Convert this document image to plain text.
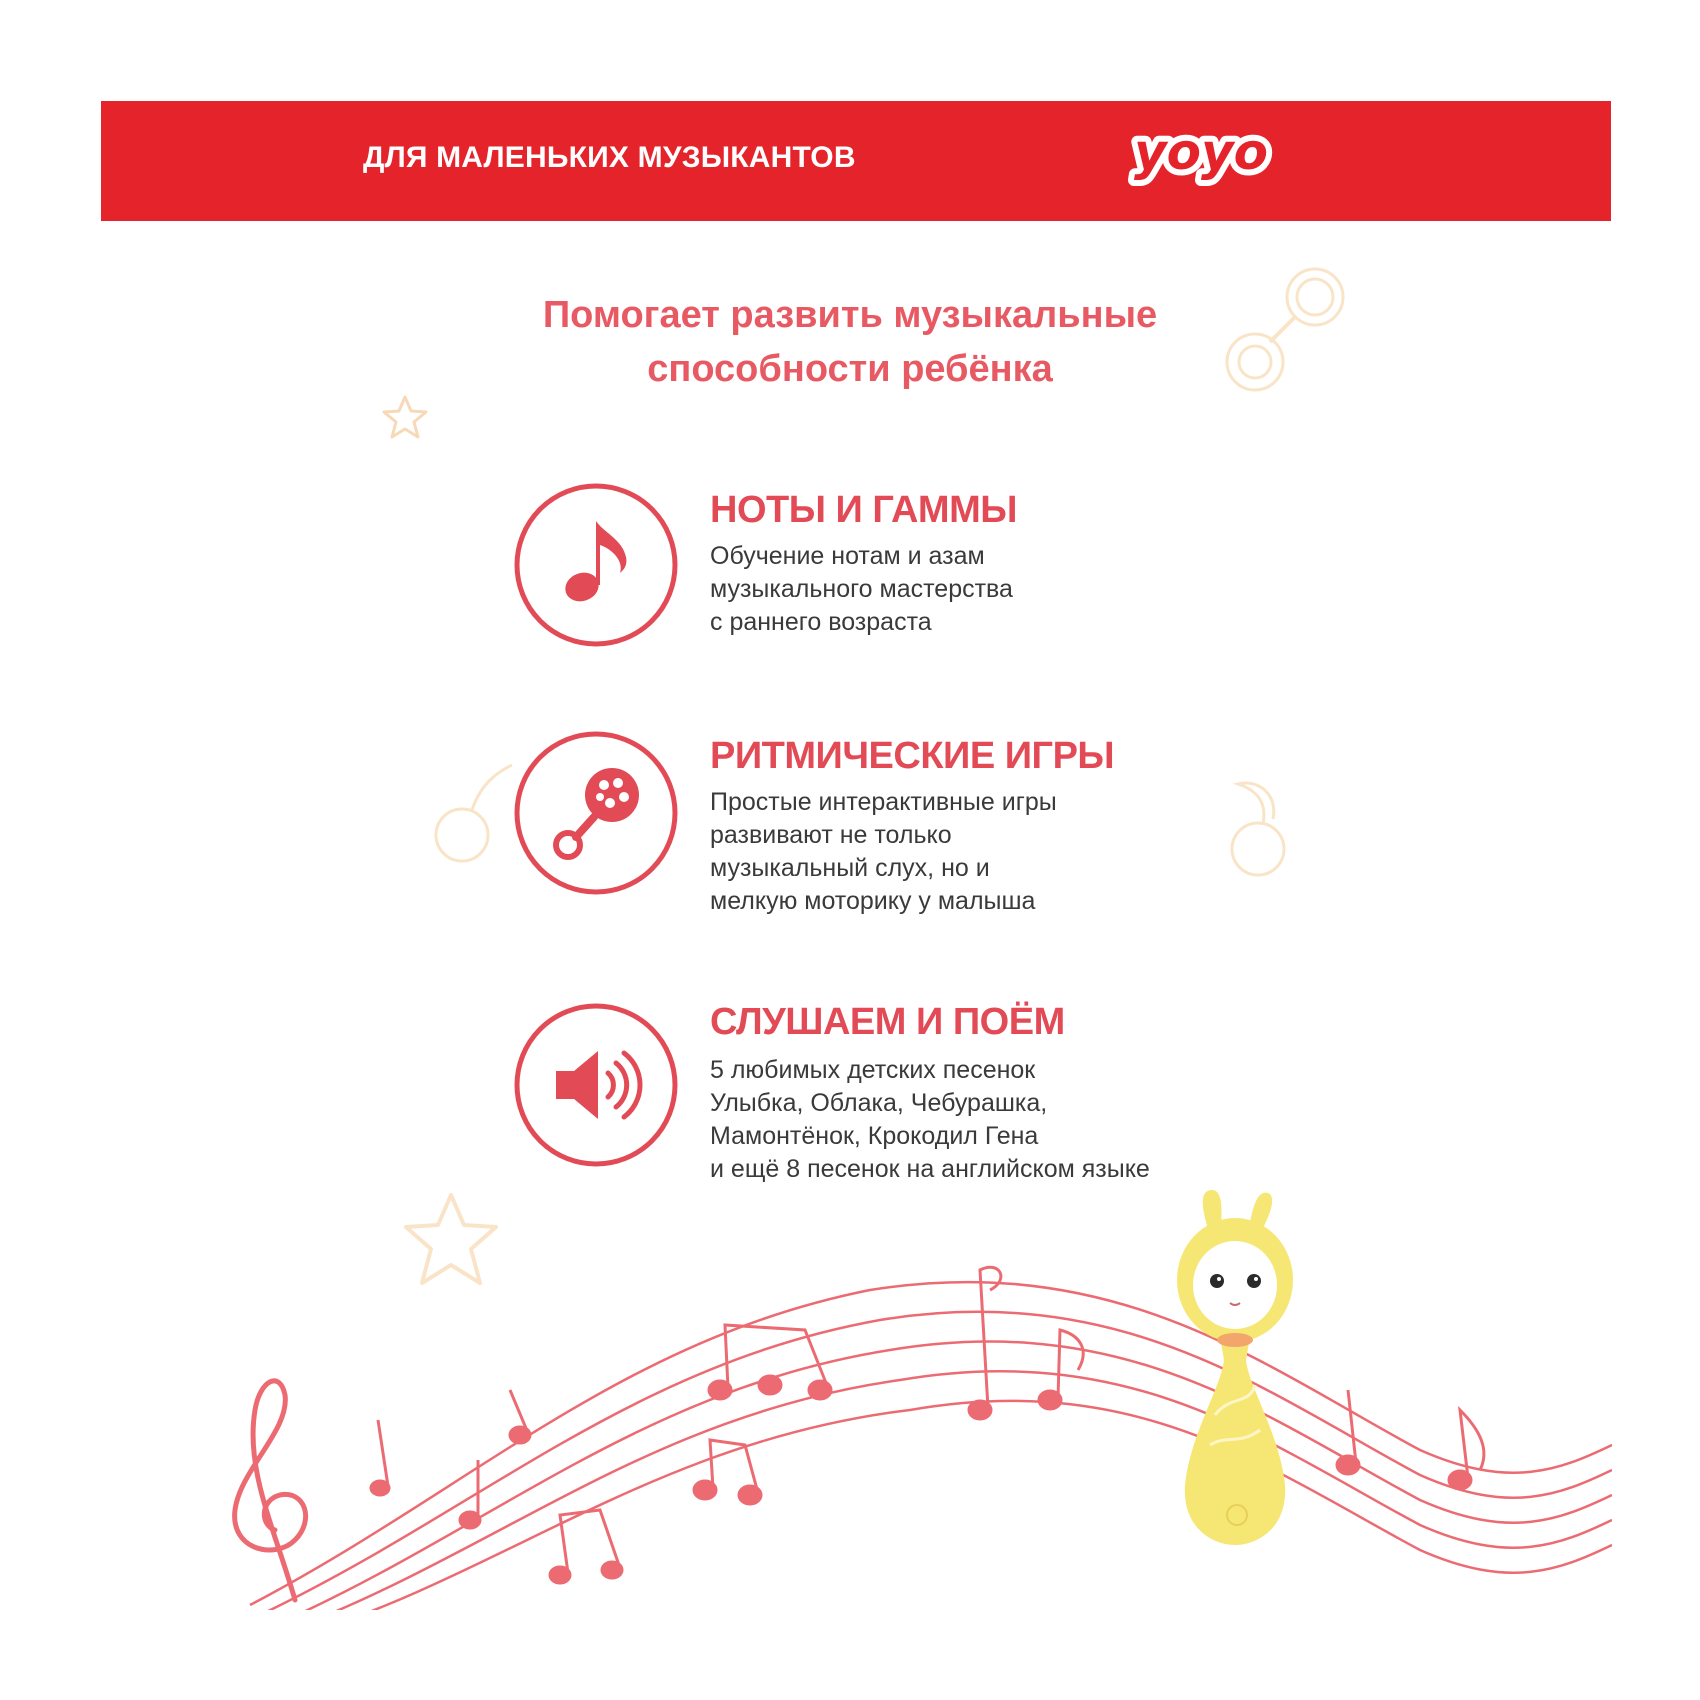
ДЛЯ МАЛЕНЬКИХ МУЗЫКАНТОВ	yoyo
Помогает развить музыкальные
способности ребёнка
НОТЫ И ГАММЫ
Обучение нотам и азам
музыкального мастерства
с раннего возраста
РИТМИЧЕСКИЕ ИГРЫ
Простые интерактивные игры
развивают не только
музыкальный слух, но и
мелкую моторику у малыша
СЛУШАЕМ И ПОЁМ
5 любимых детских песенок
Улыбка, Облака, Чебурашка,
Мамонтёнок, Крокодил Гена
и ещё 8 песенок на английском языке
